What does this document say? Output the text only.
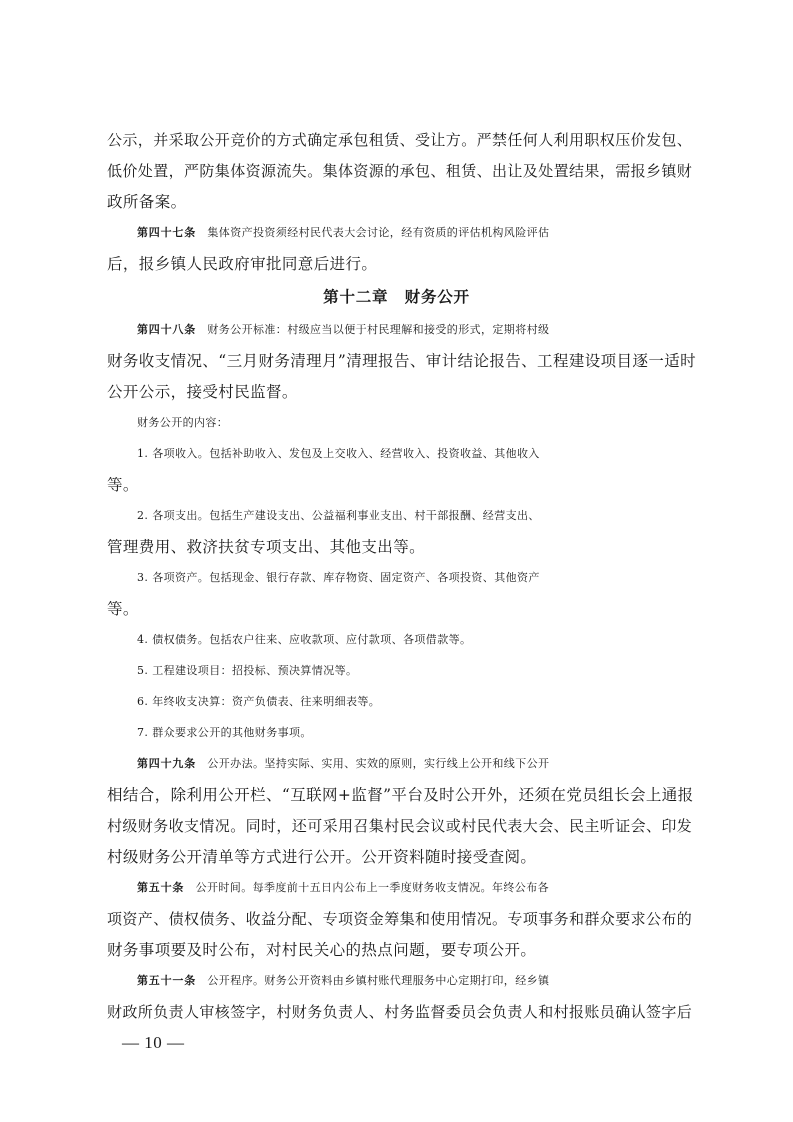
公示，并采取公开竞价的方式确定承包租赁、受让方。严禁任何人利用职权压价发包、
低价处置，严防集体资源流失。集体资源的承包、租赁、出让及处置结果，需报乡镇财
政所备案。
第四十七条　 集体资产投资须经村民代表大会讨论，经有资质的评估机构风险评估
后，报乡镇人民政府审批同意后进行。
第十二章　 财务公开
第四十八条　 财务公开标准：村级应当以便于村民理解和接受的形式，定期将村级
财务收支情况、“三月财务清理月”清理报告、审计结论报告、工程建设项目逐一适时
公开公示，接受村民监督。
财务公开的内容：
1. 各项收入。包括补助收入、发包及上交收入、经营收入、投资收益、其他收入
等。
2. 各项支出。包括生产建设支出、公益福利事业支出、村干部报酬、经营支出、
管理费用、救济扶贫专项支出、其他支出等。
3. 各项资产。包括现金、银行存款、库存物资、固定资产、各项投资、其他资产
等。
4. 债权债务。包括农户往来、应收款项、应付款项、各项借款等。
5. 工程建设项目：招投标、预决算情况等。
6. 年终收支决算：资产负债表、往来明细表等。
7. 群众要求公开的其他财务事项。
第四十九条　 公开办法。坚持实际、实用、实效的原则，实行线上公开和线下公开
相结合，除利用公开栏、“互联网+监督”平台及时公开外，还须在党员组长会上通报
村级财务收支情况。同时，还可采用召集村民会议或村民代表大会、民主听证会、印发
村级财务公开清单等方式进行公开。公开资料随时接受查阅。
第五十条　 公开时间。每季度前十五日内公布上一季度财务收支情况。年终公布各
项资产、债权债务、收益分配、专项资金筹集和使用情况。专项事务和群众要求公布的
财务事项要及时公布，对村民关心的热点问题，要专项公开。
第五十一条　 公开程序。财务公开资料由乡镇村账代理服务中心定期打印，经乡镇
财政所负责人审核签字，村财务负责人、村务监督委员会负责人和村报账员确认签字后
— 10 —
